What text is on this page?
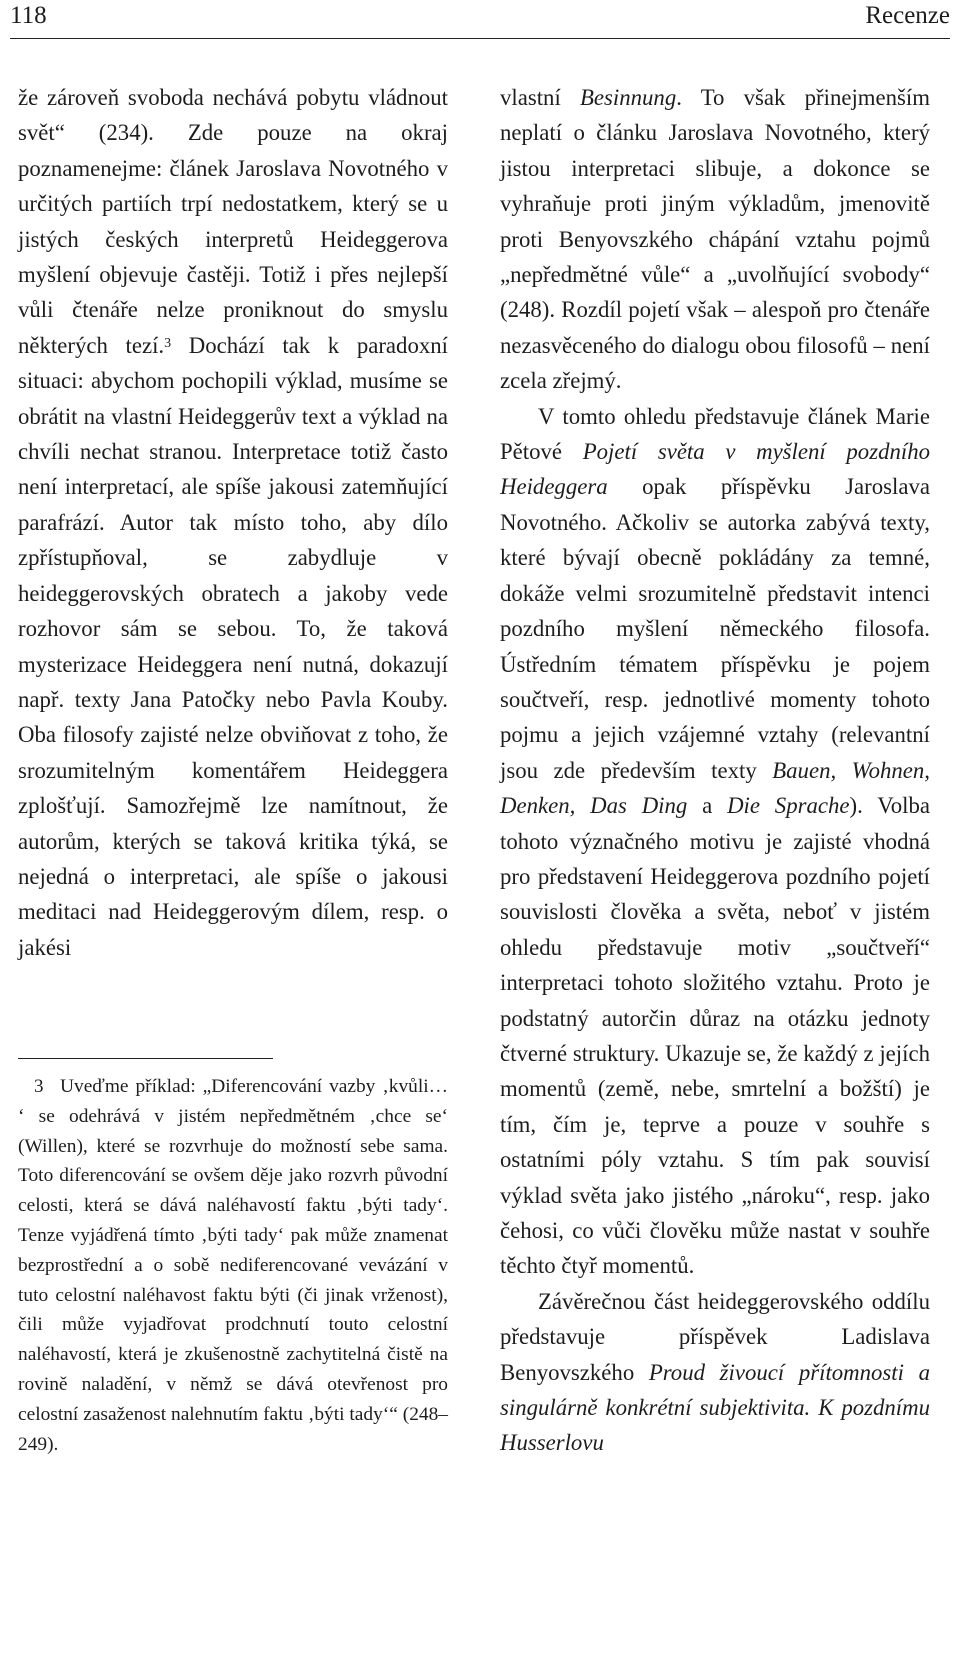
118	Recenze

že zároveň svoboda nechává pobytu vládnout svět“ (234). Zde pouze na okraj poznamenejme: článek Jaroslava Novotného v určitých partiích trpí nedostatkem, který se u jistých českých interpretů Heideggerova myšlení objevuje častěji. Totiž i přes nejlepší vůli čtenáře nelze proniknout do smyslu některých tezí.$^3$ Dochází tak k paradoxní situaci: abychom pochopili výklad, musíme se obrátit na vlastní Heideggerův text a výklad na chvíli nechat stranou. Interpretace totiž často není interpretací, ale spíše jakousi zatemňující parafrází. Autor tak místo toho, aby dílo zpřístupňoval, se zabydluje v heideggerovských obratech a jakoby vede rozhovor sám se sebou. To, že taková mysterizace Heideggera není nutná, dokazují např. texty Jana Patočky nebo Pavla Kouby. Oba filosofy zajisté nelze obviňovat z toho, že srozumitelným komentářem Heideggera zplošťují. Samozřejmě lze namítnout, že autorům, kterých se taková kritika týká, se nejedná o interpretaci, ale spíše o jakousi meditaci nad Heideggerovým dílem, resp. o jakési

3 Uveďme příklad: „Diferencování vazby ‚kvůli… ‘ se odehrává v jistém nepředmětném ‚chce se‘ (Willen), které se rozvrhuje do možností sebe sama. Toto diferencování se ovšem děje jako rozvrh původní celosti, která se dává naléhavostí faktu ‚býti tady‘. Tenze vyjádřená tímto ‚býti tady‘ pak může znamenat bezprostřední a o sobě nediferencované vevázání v tuto celostní naléhavost faktu býti (či jinak vrženost), čili může vyjadřovat prodchnutí touto celostní naléhavostí, která je zkušenostně zachytitelná čistě na rovině naladění, v němž se dává otevřenost pro celostní zasaženost nalehnutím faktu ‚býti tady‘“ (248–249).

vlastní Besinnung. To však přinejmenším neplatí o článku Jaroslava Novotného, který jistou interpretaci slibuje, a dokonce se vyhraňuje proti jiným výkladům, jmenovitě proti Benyovszkého chápání vztahu pojmů „nepředmětné vůle“ a „uvolňující svobody“ (248). Rozdíl pojetí však – alespoň pro čtenáře nezasvěceného do dialogu obou filosofů – není zcela zřejmý.

V tomto ohledu představuje článek Marie Pětové Pojetí světa v myšlení pozdního Heideggera opak příspěvku Jaroslava Novotného. Ačkoliv se autorka zabývá texty, které bývají obecně pokládány za temné, dokáže velmi srozumitelně představit intenci pozdního myšlení německého filosofa. Ústředním tématem příspěvku je pojem součtveří, resp. jednotlivé momenty tohoto pojmu a jejich vzájemné vztahy (relevantní jsou zde především texty Bauen, Wohnen, Denken, Das Ding a Die Sprache). Volba tohoto význačného motivu je zajisté vhodná pro představení Heideggerova pozdního pojetí souvislosti člověka a světa, neboť v jistém ohledu představuje motiv „součtveří“ interpretaci tohoto složitého vztahu. Proto je podstatný autorčin důraz na otázku jednoty čtverné struktury. Ukazuje se, že každý z jejích momentů (země, nebe, smrtelní a božští) je tím, čím je, teprve a pouze v souhře s ostatními póly vztahu. S tím pak souvisí výklad světa jako jistého „nároku“, resp. jako čehosi, co vůči člověku může nastat v souhře těchto čtyř momentů.

Závěrečnou část heideggerovského oddílu představuje příspěvek Ladislava Benyovszkého Proud živoucí přítomnosti a singulárně konkrétní subjektivita. K pozdnímu Husserlovu
